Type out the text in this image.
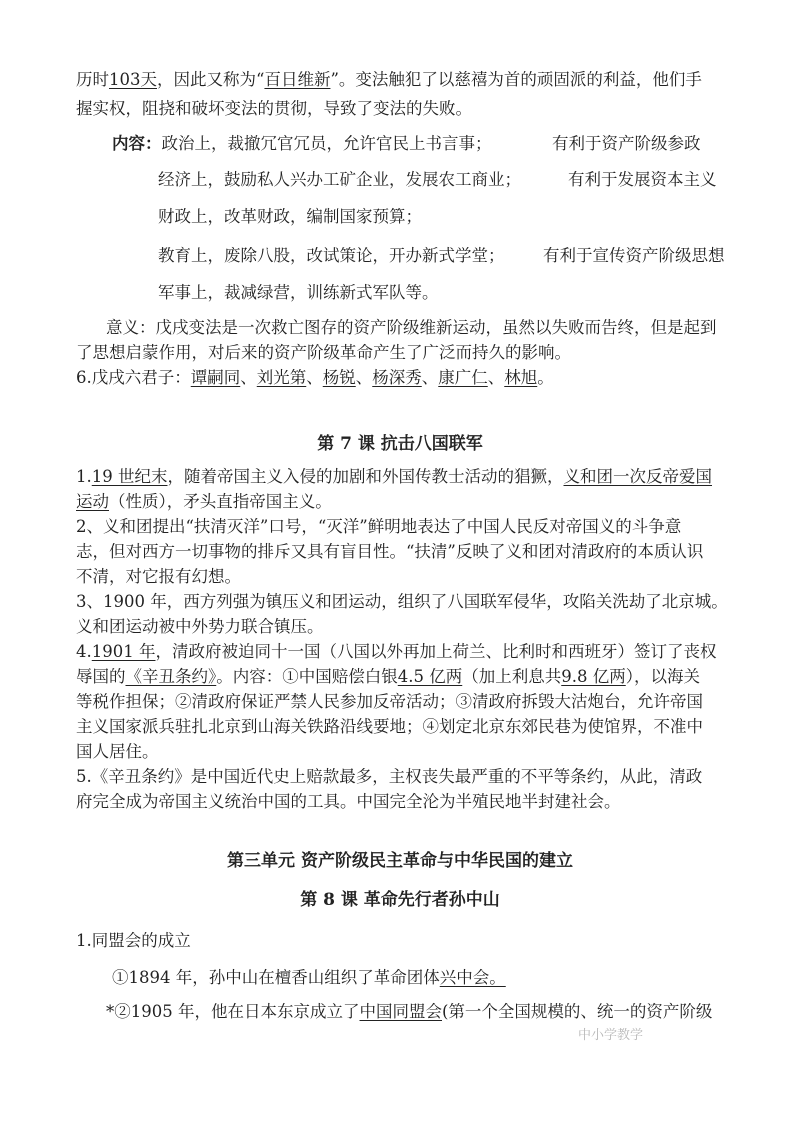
历时103天，因此又称为“百日维新”。变法触犯了以慈禧为首的顽固派的利益，他们手
握实权，阻挠和破坏变法的贯彻，导致了变法的失败。
内容：政治上，裁撤冗官冗员，允许官民上书言事；	有利于资产阶级参政
经济上，鼓励私人兴办工矿企业，发展农工商业；	有利于发展资本主义
财政上，改革财政，编制国家预算；
教育上，废除八股，改试策论，开办新式学堂； 有利于宣传资产阶级思想
军事上，裁减绿营，训练新式军队等。
意义：戊戌变法是一次救亡图存的资产阶级维新运动，虽然以失败而告终，但是起到
了思想启蒙作用，对后来的资产阶级革命产生了广泛而持久的影响。
6.戊戌六君子：谭嗣同、刘光第、杨锐、杨深秀、康广仁、林旭。
第 7 课 抗击八国联军
1.19 世纪末，随着帝国主义入侵的加剧和外国传教士活动的猖獗，义和团一次反帝爱国
运动（性质），矛头直指帝国主义。
2、义和团提出“扶清灭洋”口号，“灭洋”鲜明地表达了中国人民反对帝国义的斗争意
志，但对西方一切事物的排斥又具有盲目性。“扶清”反映了义和团对清政府的本质认识
不清，对它报有幻想。
3、1900 年，西方列强为镇压义和团运动，组织了八国联军侵华，攻陷关洗劫了北京城。
义和团运动被中外势力联合镇压。
4.1901 年，清政府被迫同十一国（八国以外再加上荷兰、比利时和西班牙）签订了丧权
辱国的《辛丑条约》。内容：①中国赔偿白银4.5 亿两（加上利息共9.8 亿两），以海关
等税作担保；②清政府保证严禁人民参加反帝活动；③清政府拆毁大沽炮台，允许帝国
主义国家派兵驻扎北京到山海关铁路沿线要地；④划定北京东郊民巷为使馆界，不准中
国人居住。
5.《辛丑条约》是中国近代史上赔款最多，主权丧失最严重的不平等条约，从此，清政
府完全成为帝国主义统治中国的工具。中国完全沦为半殖民地半封建社会。
第三单元 资产阶级民主革命与中华民国的建立
第 8 课 革命先行者孙中山
1.同盟会的成立
①1894 年，孙中山在檀香山组织了革命团体兴中会。
*②1905 年，他在日本东京成立了中国同盟会(第一个全国规模的、统一的资产阶级
中小学教学
